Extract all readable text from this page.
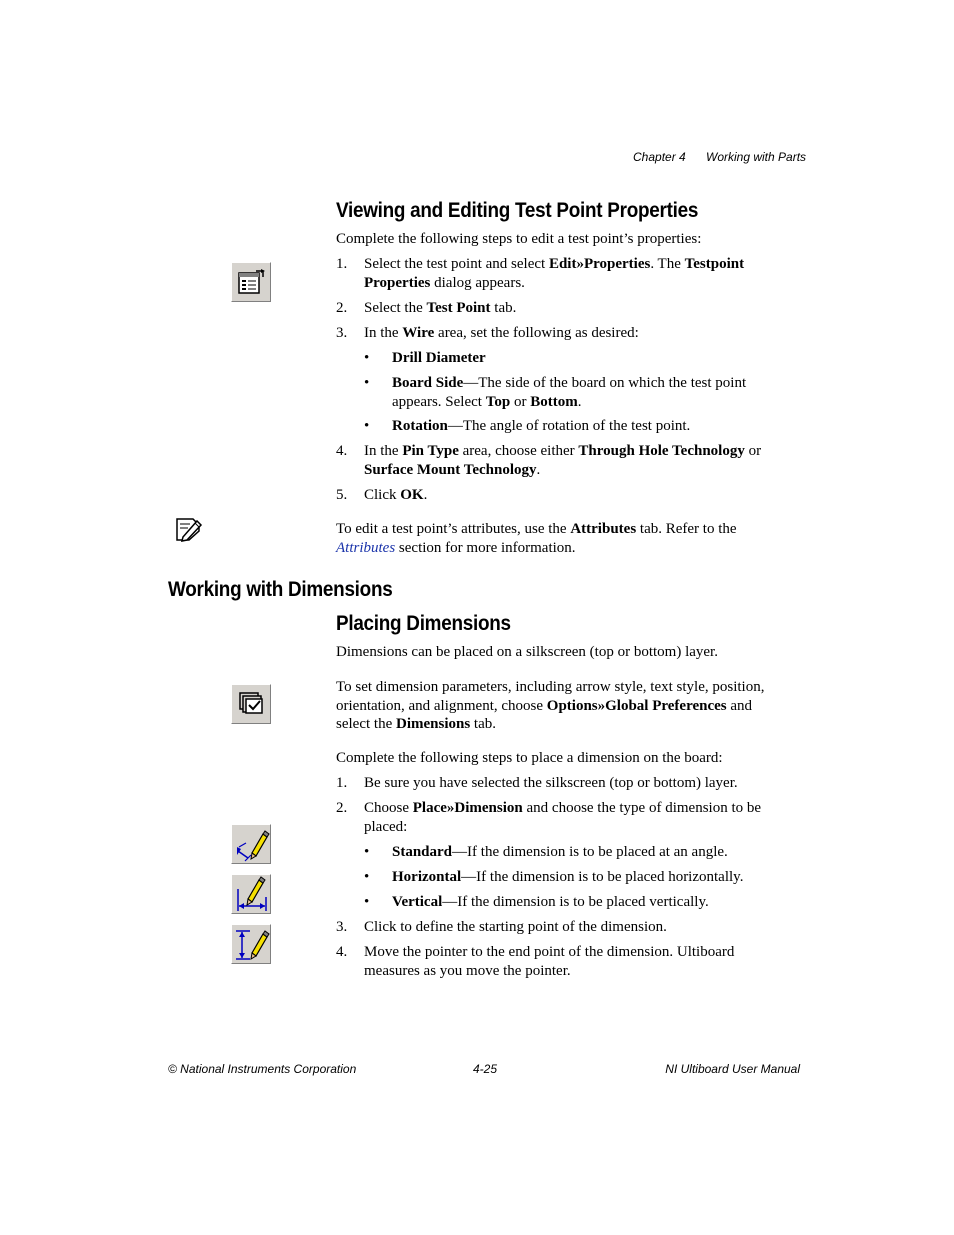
Chapter 4 Working with Parts
Viewing and Editing Test Point Properties
Complete the following steps to edit a test point’s properties:
1. Select the test point and select Edit»Properties. The Testpoint
Properties dialog appears.
2. Select the Test Point tab.
3. In the Wire area, set the following as desired:
• Drill Diameter
• Board Side—The side of the board on which the test point
appears. Select Top or Bottom.
• Rotation—The angle of rotation of the test point.
4. In the Pin Type area, choose either Through Hole Technology or
Surface Mount Technology.
5. Click OK.
To edit a test point’s attributes, use the Attributes tab. Refer to the
Attributes section for more information.
Working with Dimensions
Placing Dimensions
Dimensions can be placed on a silkscreen (top or bottom) layer.
To set dimension parameters, including arrow style, text style, position,
orientation, and alignment, choose Options»Global Preferences and
select the Dimensions tab.
Complete the following steps to place a dimension on the board:
1. Be sure you have selected the silkscreen (top or bottom) layer.
2. Choose Place»Dimension and choose the type of dimension to be
placed:
• Standard—If the dimension is to be placed at an angle.
• Horizontal—If the dimension is to be placed horizontally.
• Vertical—If the dimension is to be placed vertically.
3. Click to define the starting point of the dimension.
4. Move the pointer to the end point of the dimension. Ultiboard
measures as you move the pointer.
© National Instruments Corporation	4-25	NI Ultiboard User Manual
